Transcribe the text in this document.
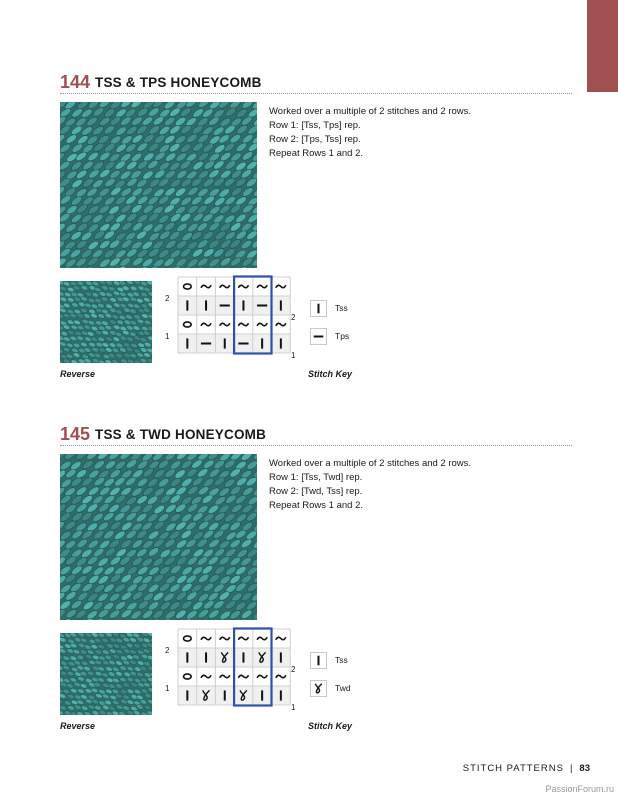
144 TSS & TPS HONEYCOMB
Worked over a multiple of 2 stitches and 2 rows.
Row 1: [Tss, Tps] rep.
Row 2: [Tps, Tss] rep.
Repeat Rows 1 and 2.
2
1
2
1
Tss
Tps
Reverse	Stitch Key
145 TSS & TWD HONEYCOMB
Worked over a multiple of 2 stitches and 2 rows.
Row 1: [Tss, Twd] rep.
Row 2: [Twd, Tss] rep.
Repeat Rows 1 and 2.
2
1
2
1
Tss
Twd
Reverse	Stitch Key
STITCH PATTERNS | 83
PassionForum.ru
